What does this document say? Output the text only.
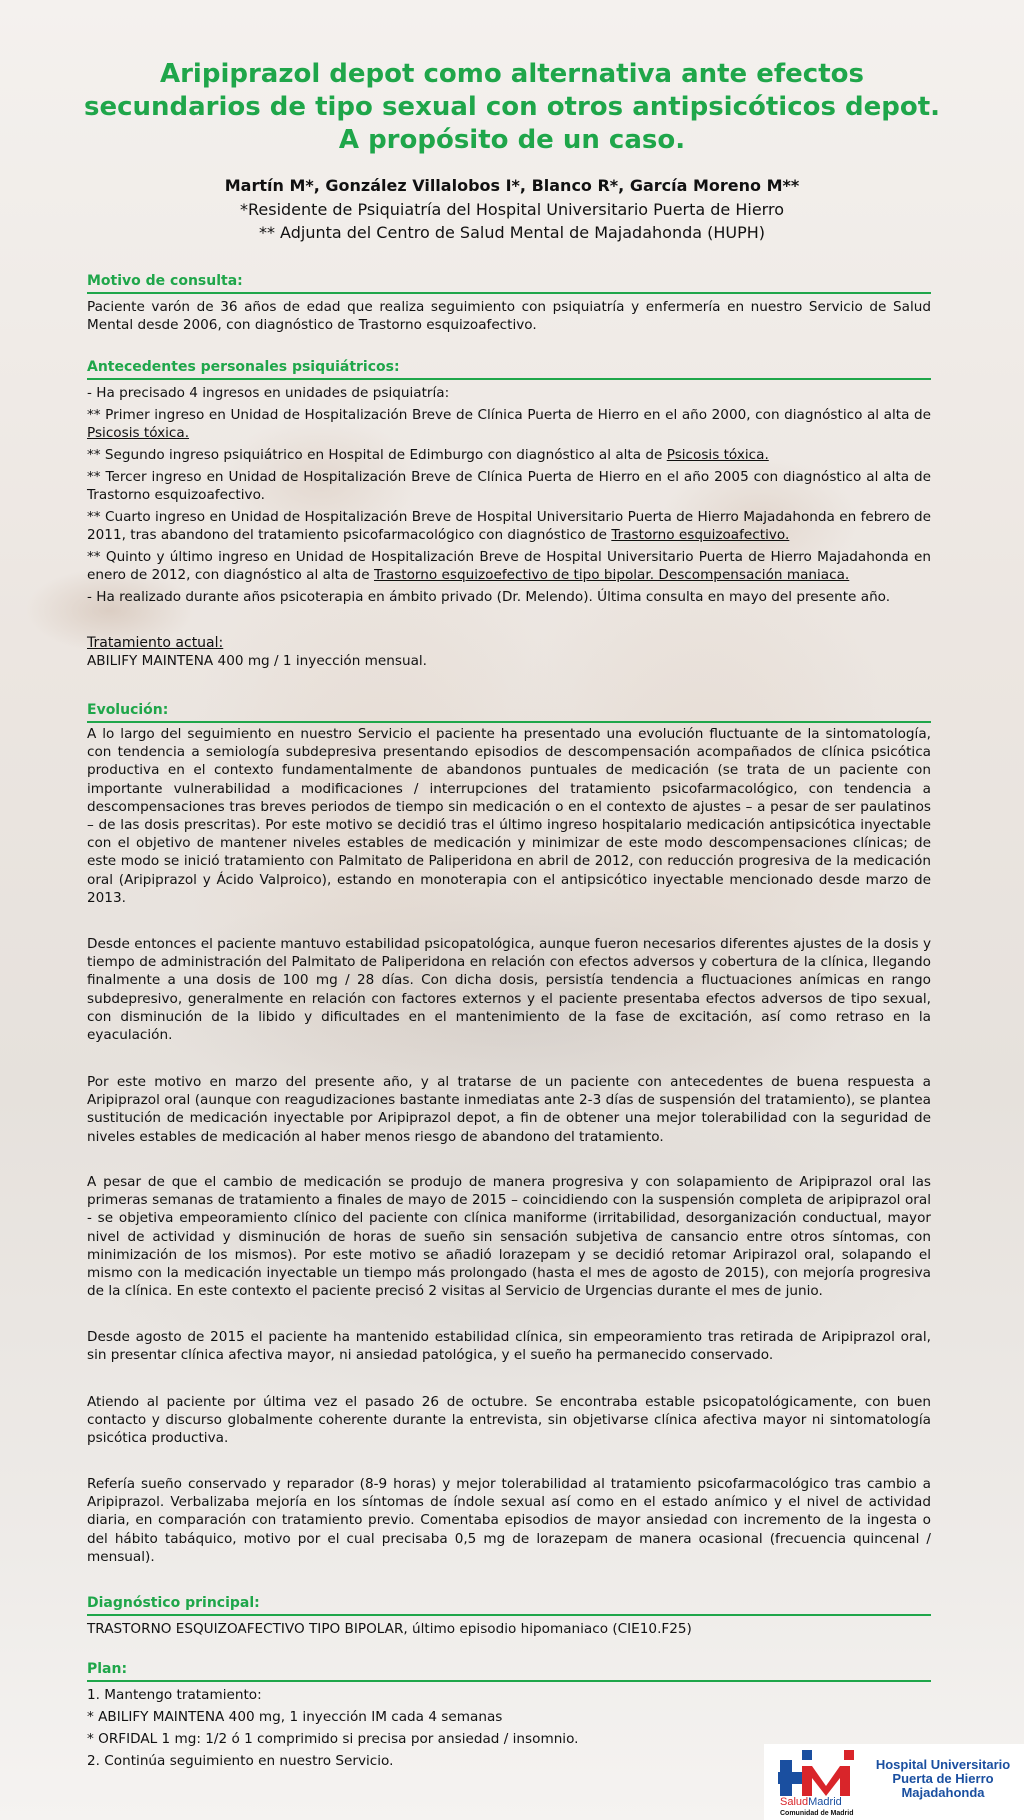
Aripiprazol depot como alternativa ante efectos
secundarios de tipo sexual con otros antipsicóticos depot.
A propósito de un caso.
Martín M*, González Villalobos I*, Blanco R*, García Moreno M**
*Residente de Psiquiatría del Hospital Universitario Puerta de Hierro
** Adjunta del Centro de Salud Mental de Majadahonda (HUPH)
Motivo de consulta:

Paciente varón de 36 años de edad que realiza seguimiento con psiquiatría y enfermería en nuestro Servicio de Salud Mental desde 2006, con diagnóstico de Trastorno esquizoafectivo.

Antecedentes personales psiquiátricos:

- Ha precisado 4 ingresos en unidades de psiquiatría:

** Primer ingreso en Unidad de Hospitalización Breve de Clínica Puerta de Hierro en el año 2000, con diagnóstico al alta de Psicosis tóxica.

** Segundo ingreso psiquiátrico en Hospital de Edimburgo con diagnóstico al alta de Psicosis tóxica.

** Tercer ingreso en Unidad de Hospitalización Breve de Clínica Puerta de Hierro en el año 2005 con diagnóstico al alta de Trastorno esquizoafectivo.

** Cuarto ingreso en Unidad de Hospitalización Breve de Hospital Universitario Puerta de Hierro Majadahonda en febrero de 2011, tras abandono del tratamiento psicofarmacológico con diagnóstico de Trastorno esquizoafectivo.

** Quinto y último ingreso en Unidad de Hospitalización Breve de Hospital Universitario Puerta de Hierro Majadahonda en enero de 2012, con diagnóstico al alta de Trastorno esquizoefectivo de tipo bipolar. Descompensación maniaca.

- Ha realizado durante años psicoterapia en ámbito privado (Dr. Melendo). Última consulta en mayo del presente año.

Tratamiento actual:

ABILIFY MAINTENA 400 mg / 1 inyección mensual.

Evolución:

A lo largo del seguimiento en nuestro Servicio el paciente ha presentado una evolución fluctuante de la sintomatología, con tendencia a semiología subdepresiva presentando episodios de descompensación acompañados de clínica psicótica productiva en el contexto fundamentalmente de abandonos puntuales de medicación (se trata de un paciente con importante vulnerabilidad a modificaciones / interrupciones del tratamiento psicofarmacológico, con tendencia a descompensaciones tras breves periodos de tiempo sin medicación o en el contexto de ajustes – a pesar de ser paulatinos – de las dosis prescritas). Por este motivo se decidió tras el último ingreso hospitalario medicación antipsicótica inyectable con el objetivo de mantener niveles estables de medicación y minimizar de este modo descompensaciones clínicas; de este modo se inició tratamiento con Palmitato de Paliperidona en abril de 2012, con reducción progresiva de la medicación oral (Aripiprazol y Ácido Valproico), estando en monoterapia con el antipsicótico inyectable mencionado desde marzo de 2013.

Desde entonces el paciente mantuvo estabilidad psicopatológica, aunque fueron necesarios diferentes ajustes de la dosis y tiempo de administración del Palmitato de Paliperidona en relación con efectos adversos y cobertura de la clínica, llegando finalmente a una dosis de 100 mg / 28 días. Con dicha dosis, persistía tendencia a fluctuaciones anímicas en rango subdepresivo, generalmente en relación con factores externos y el paciente presentaba efectos adversos de tipo sexual, con disminución de la libido y dificultades en el mantenimiento de la fase de excitación, así como retraso en la eyaculación.

Por este motivo en marzo del presente año, y al tratarse de un paciente con antecedentes de buena respuesta a Aripiprazol oral (aunque con reagudizaciones bastante inmediatas ante 2-3 días de suspensión del tratamiento), se plantea sustitución de medicación inyectable por Aripiprazol depot, a fin de obtener una mejor tolerabilidad con la seguridad de niveles estables de medicación al haber menos riesgo de abandono del tratamiento.

A pesar de que el cambio de medicación se produjo de manera progresiva y con solapamiento de Aripiprazol oral las primeras semanas de tratamiento a finales de mayo de 2015 – coincidiendo con la suspensión completa de aripiprazol oral - se objetiva empeoramiento clínico del paciente con clínica maniforme (irritabilidad, desorganización conductual, mayor nivel de actividad y disminución de horas de sueño sin sensación subjetiva de cansancio entre otros síntomas, con minimización de los mismos). Por este motivo se añadió lorazepam y se decidió retomar Aripirazol oral, solapando el mismo con la medicación inyectable un tiempo más prolongado (hasta el mes de agosto de 2015), con mejoría progresiva de la clínica. En este contexto el paciente precisó 2 visitas al Servicio de Urgencias durante el mes de junio.

Desde agosto de 2015 el paciente ha mantenido estabilidad clínica, sin empeoramiento tras retirada de Aripiprazol oral, sin presentar clínica afectiva mayor, ni ansiedad patológica, y el sueño ha permanecido conservado.

Atiendo al paciente por última vez el pasado 26 de octubre. Se encontraba estable psicopatológicamente, con buen contacto y discurso globalmente coherente durante la entrevista, sin objetivarse clínica afectiva mayor ni sintomatología psicótica productiva.

Refería sueño conservado y reparador (8-9 horas) y mejor tolerabilidad al tratamiento psicofarmacológico tras cambio a Aripiprazol. Verbalizaba mejoría en los síntomas de índole sexual así como en el estado anímico y el nivel de actividad diaria, en comparación con tratamiento previo. Comentaba episodios de mayor ansiedad con incremento de la ingesta o del hábito tabáquico, motivo por el cual precisaba 0,5 mg de lorazepam de manera ocasional (frecuencia quincenal / mensual).

Diagnóstico principal:

TRASTORNO ESQUIZOAFECTIVO TIPO BIPOLAR, último episodio hipomaniaco (CIE10.F25)

Plan:

1. Mantengo tratamiento:

* ABILIFY MAINTENA 400 mg, 1 inyección IM cada 4 semanas

* ORFIDAL 1 mg: 1/2 ó 1 comprimido si precisa por ansiedad / insomnio.

2. Continúa seguimiento en nuestro Servicio.

SaludMadrid
Comunidad de Madrid
Hospital Universitario
Puerta de Hierro
Majadahonda
